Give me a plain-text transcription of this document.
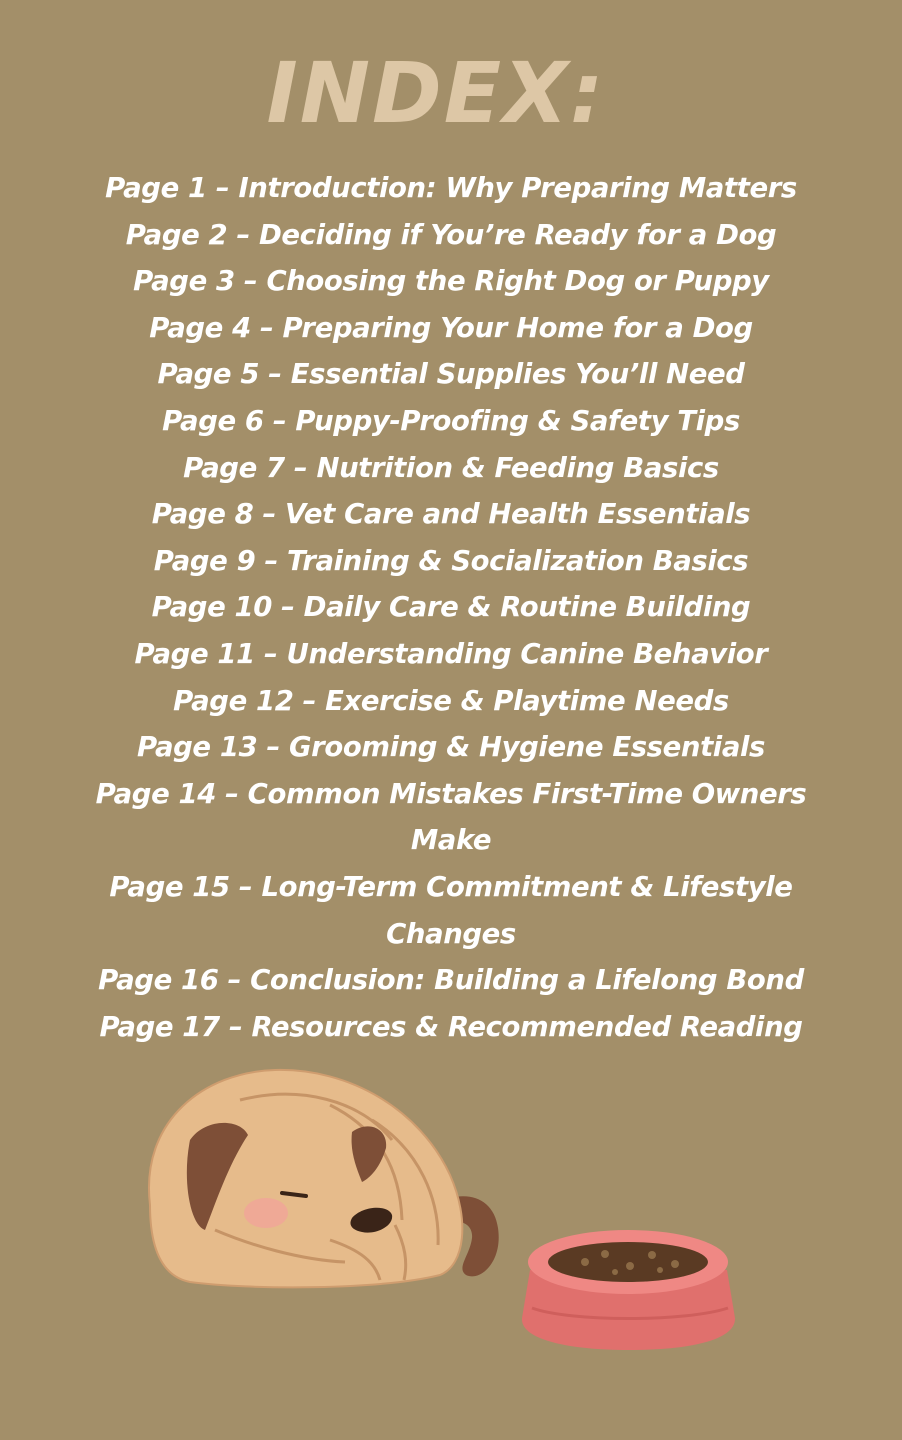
INDEX:
Page 1 – Introduction: Why Preparing Matters
Page 2 – Deciding if You’re Ready for a Dog
Page 3 – Choosing the Right Dog or Puppy
Page 4 – Preparing Your Home for a Dog
Page 5 – Essential Supplies You’ll Need
Page 6 – Puppy-Proofing & Safety Tips
Page 7 – Nutrition & Feeding Basics
Page 8 – Vet Care and Health Essentials
Page 9 – Training & Socialization Basics
Page 10 – Daily Care & Routine Building
Page 11 – Understanding Canine Behavior
Page 12 – Exercise & Playtime Needs
Page 13 – Grooming & Hygiene Essentials
Page 14 – Common Mistakes First-Time Owners Make
Page 15 – Long-Term Commitment & Lifestyle Changes
Page 16 – Conclusion: Building a Lifelong Bond
Page 17 – Resources & Recommended Reading
